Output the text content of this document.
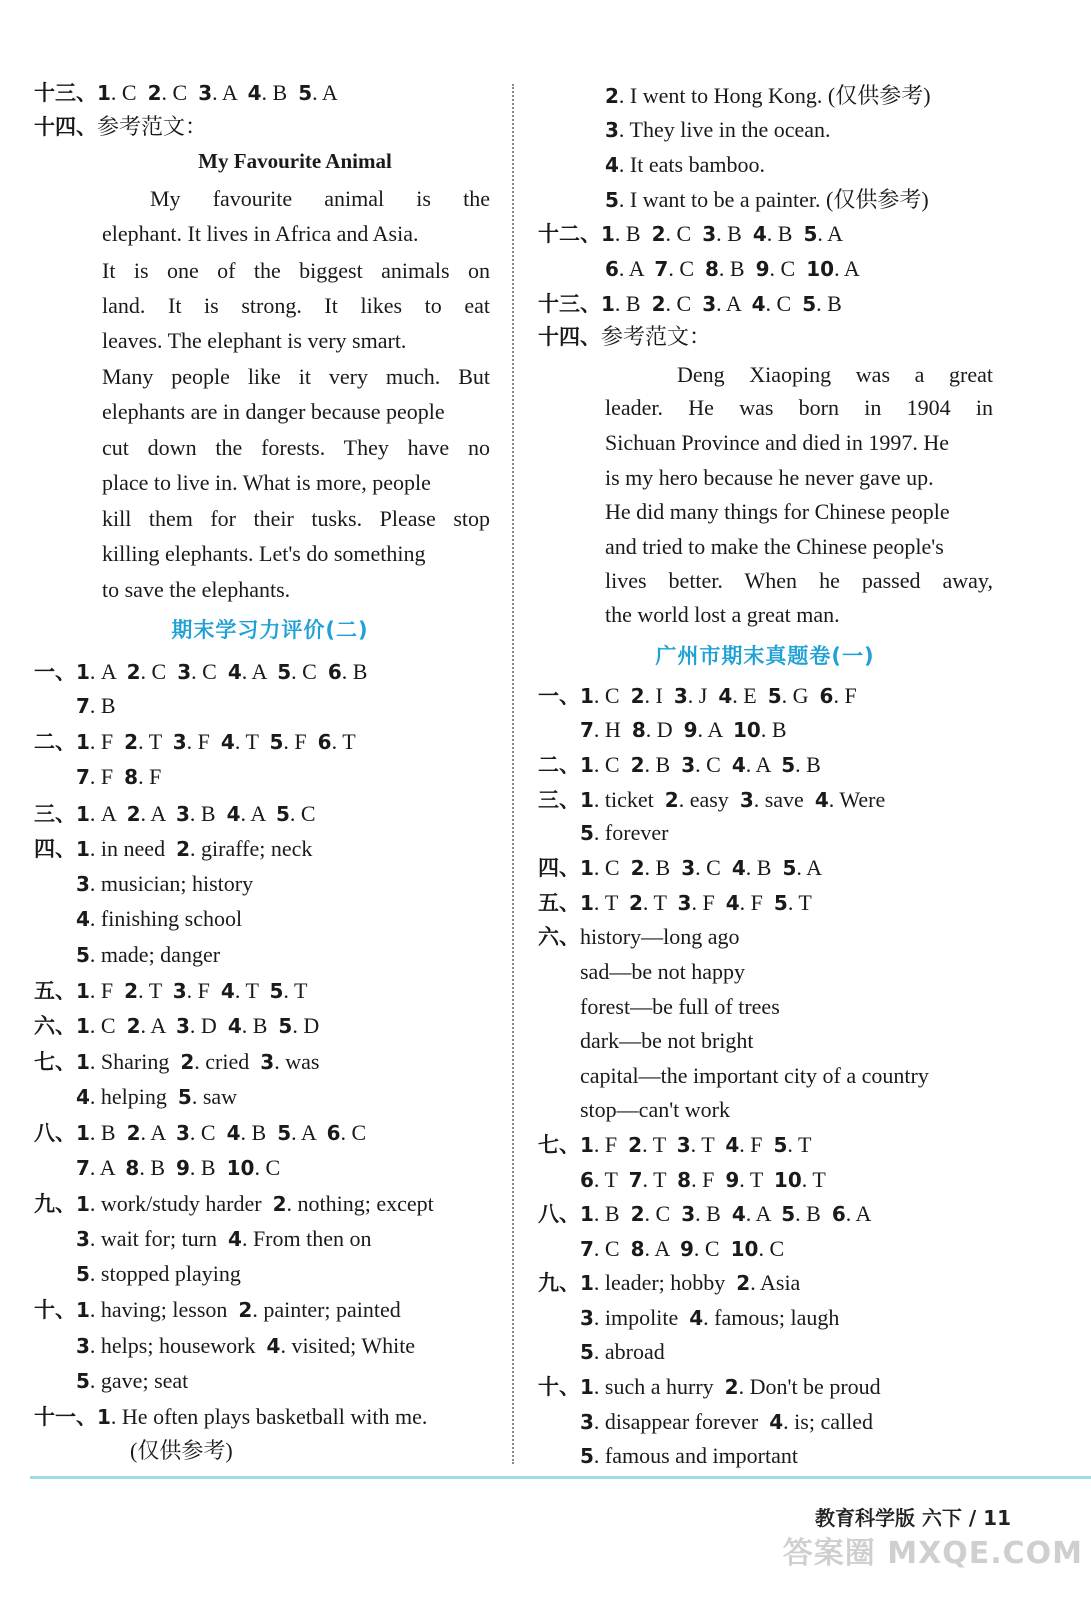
十三、1. C  2. C  3. A  4. B  5. A
十四、参考范文：
My Favourite Animal
My favourite animal is the
elephant. It lives in Africa and Asia.
It is one of the biggest animals on
land. It is strong. It likes to eat
leaves. The elephant is very smart.
Many people like it very much. But
elephants are in danger because people
cut down the forests. They have no
place to live in. What is more, people
kill them for their tusks. Please stop
killing elephants. Let's do something
to save the elephants.
期末学习力评价(二)
一、1. A  2. C  3. C  4. A  5. C  6. B
7. B
二、1. F  2. T  3. F  4. T  5. F  6. T
7. F  8. F
三、1. A  2. A  3. B  4. A  5. C
四、1. in need  2. giraffe; neck
3. musician; history
4. finishing school
5. made; danger
五、1. F  2. T  3. F  4. T  5. T
六、1. C  2. A  3. D  4. B  5. D
七、1. Sharing  2. cried  3. was
4. helping  5. saw
八、1. B  2. A  3. C  4. B  5. A  6. C
7. A  8. B  9. B  10. C
九、1. work/study harder  2. nothing; except
3. wait for; turn  4. From then on
5. stopped playing
十、1. having; lesson  2. painter; painted
3. helps; housework  4. visited; White
5. gave; seat
十一、1. He often plays basketball with me.
(仅供参考)
2. I went to Hong Kong. (仅供参考)
3. They live in the ocean.
4. It eats bamboo.
5. I want to be a painter. (仅供参考)
十二、1. B  2. C  3. B  4. B  5. A
6. A  7. C  8. B  9. C  10. A
十三、1. B  2. C  3. A  4. C  5. B
十四、参考范文：
Deng Xiaoping was a great
leader. He was born in 1904 in
Sichuan Province and died in 1997. He
is my hero because he never gave up.
He did many things for Chinese people
and tried to make the Chinese people's
lives better. When he passed away,
the world lost a great man.
广州市期末真题卷(一)
一、1. C  2. I  3. J  4. E  5. G  6. F
7. H  8. D  9. A  10. B
二、1. C  2. B  3. C  4. A  5. B
三、1. ticket  2. easy  3. save  4. Were
5. forever
四、1. C  2. B  3. C  4. B  5. A
五、1. T  2. T  3. F  4. F  5. T
六、history—long ago
sad—be not happy
forest—be full of trees
dark—be not bright
capital—the important city of a country
stop—can't work
七、1. F  2. T  3. T  4. F  5. T
6. T  7. T  8. F  9. T  10. T
八、1. B  2. C  3. B  4. A  5. B  6. A
7. C  8. A  9. C  10. C
九、1. leader; hobby  2. Asia
3. impolite  4. famous; laugh
5. abroad
十、1. such a hurry  2. Don't be proud
3. disappear forever  4. is; called
5. famous and important
教育科学版 六下 / 11
答案圈 MXQE.COM
